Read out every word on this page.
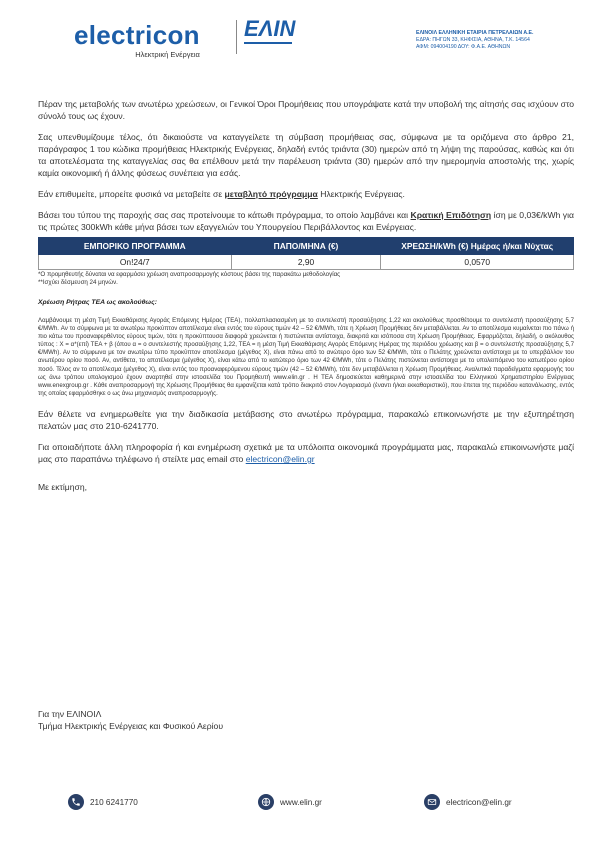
electricon
Ηλεκτρική Ενέργεια
ΕΛΙΝ	ΕΛΙΝΟΙΛ ΕΛΛΗΝΙΚΗ ΕΤΑΙΡΙΑ ΠΕΤΡΕΛΑΙΩΝ Α.Ε.
ΕΔΡΑ: ΠΗΓΩΝ 33, ΚΗΦΙΣΙΑ, ΑΘΗΝΑ, Τ.Κ. 14564
ΑΦΜ: 094004190 ΔΟΥ: Φ.Α.Ε. ΑΘΗΝΩΝ

Πέραν της μεταβολής των ανωτέρω χρεώσεων, οι Γενικοί Όροι Προμήθειας που υπογράψατε κατά την υποβολή της αίτησής σας ισχύουν στο σύνολό τους ως έχουν.

Σας υπενθυμίζουμε τέλος, ότι δικαιούστε να καταγγείλετε τη σύμβαση προμήθειας σας, σύμφωνα με τα οριζόμενα στο άρθρο 21, παράγραφος 1 του κώδικα προμήθειας Ηλεκτρικής Ενέργειας, δηλαδή εντός τριάντα (30) ημερών από τη λήψη της παρούσας, καθώς και ότι τα αποτελέσματα της καταγγελίας σας θα επέλθουν μετά την παρέλευση τριάντα (30) ημερών από την ημερομηνία αποστολής της, χωρίς καμία οικονομική ή άλλης φύσεως συνέπεια για εσάς.

Εάν επιθυμείτε, μπορείτε φυσικά να μεταβείτε σε μεταβλητό πρόγραμμα Ηλεκτρικής Ενέργειας.

Βάσει του τύπου της παροχής σας σας προτείνουμε το κάτωθι πρόγραμμα, το οποίο λαμβάνει και Κρατική Επιδότηση ίση με 0,03€/kWh για τις πρώτες 300kWh κάθε μήνα βάσει των εξαγγελιών του Υπουργείου Περιβάλλοντος και Ενέργειας.

ΕΜΠΟΡΙΚΟ ΠΡΟΓΡΑΜΜΑ	ΠΑΠΟ/ΜΗΝΑ (€)	ΧΡΕΩΣΗ/kWh (€) Ημέρας ή/και Νύχτας
On!24/7	2,90	0,0570
*Ο προμηθευτής δύναται να εφαρμόσει χρέωση αναπροσαρμογής κόστους βάσει της παρακάτω μεθοδολογίας
**Ισχύει δέσμευση 24 μηνών.
Χρέωση Ρήτρας ΤΕΑ ως ακολούθως:
Λαμβάνουμε τη μέση Τιμή Εκκαθάρισης Αγοράς Επόμενης Ημέρας (ΤΕΑ), πολλαπλασιασμένη με το συντελεστή προσαύξησης 1,22 και ακολούθως προσθέτουμε το συντελεστή προσαύξησης 5,7 €/MWh. Αν το σύμφωνα με τα ανωτέρω προκύπτον αποτέλεσμα είναι εντός του εύρους τιμών 42 – 52 €/MWh, τότε η Χρέωση Προμήθειας δεν μεταβάλλεται. Αν το αποτέλεσμα κυμαίνεται πιο πάνω ή πιο κάτω του προαναφερθέντος εύρους τιμών, τότε η προκύπτουσα διαφορά χρεώνεται ή πιστώνεται αντίστοιχα, διακριτά και ισόποσα στη Χρέωση Προμήθειας. Εφαρμόζεται, δηλαδή, ο ακόλουθος τύπος : X = α*(επί) ΤΕΑ + β (όπου α = ο συντελεστής προσαύξησης 1,22, ΤΕΑ = η μέση Τιμή Εκκαθάρισης Αγοράς Επόμενης Ημέρας της περιόδου χρέωσης και β = ο συντελεστής προσαύξησης 5,7 €/MWh). Αν το σύμφωνα με τον ανωτέρω τύπο προκύπτον αποτέλεσμα (μέγεθος Χ), είναι πάνω από το ανώτερο όριο των 52 €/MWh, τότε ο Πελάτης χρεώνεται αντίστοιχα με το υπερβάλλον του ανωτέρου ορίου ποσό. Αν, αντίθετα, το αποτέλεσμα (μέγεθος Χ), είναι κάτω από το κατώτερο όριο των 42 €/MWh, τότε ο Πελάτης πιστώνεται αντίστοιχα με το υπολειπόμενο του κατωτέρου ορίου ποσό. Τέλος αν το αποτέλεσμα (μέγεθος Χ), είναι εντός του προαναφερόμενου εύρους τιμών (42 – 52 €/MWh), τότε δεν μεταβάλλεται η Χρέωση Προμήθειας. Αναλυτικά παραδείγματα εφαρμογής του ως άνω τρόπου υπολογισμού έχουν αναρτηθεί στην ιστοσελίδα του Προμηθευτή www.elin.gr . Η ΤΕΑ δημοσιεύεται καθημερινά στην ιστοσελίδα του Ελληνικού Χρηματιστηρίου Ενέργειας www.enexgroup.gr . Κάθε αναπροσαρμογή της Χρέωσης Προμήθειας θα εμφανίζεται κατά τρόπο διακριτό στον Λογαριασμό (έναντι ή/και εκκαθαριστικό), που έπεται της περιόδου κατανάλωσης, εντός της οποίας εφαρμόσθηκε ο ως άνω μηχανισμός αναπροσαρμογής.

Εάν θέλετε να ενημερωθείτε για την διαδικασία μετάβασης στο ανωτέρω πρόγραμμα, παρακαλώ επικοινωνήστε με την εξυπηρέτηση πελατών μας στο 210-6241770.

Για οποιαδήποτε άλλη πληροφορία ή και ενημέρωση σχετικά με τα υπόλοιπα οικονομικά προγράμματα μας, παρακαλώ επικοινωνήστε μαζί μας στο παραπάνω τηλέφωνο ή στείλτε μας email στο electricon@elin.gr

Με εκτίμηση,

Για την ΕΛΙΝΟΙΛ
Τμήμα Ηλεκτρικής Ενέργειας και Φυσικού Αερίου
210 6241770	www.elin.gr	electricon@elin.gr
